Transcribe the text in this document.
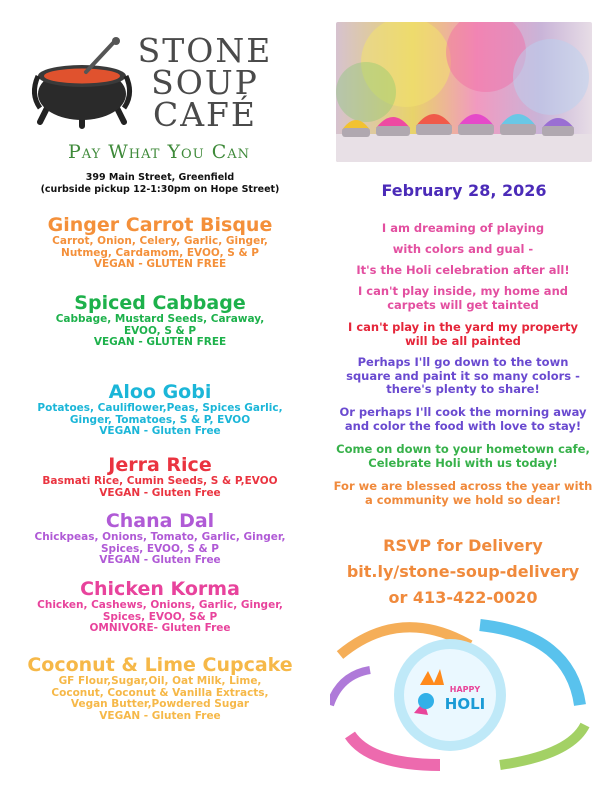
STONE
SOUP
CAFÉ
Pay What You Can
399 Main Street, Greenfield
(curbside pickup 12-1:30pm on Hope Street)
Ginger Carrot Bisque
Carrot, Onion, Celery, Garlic, Ginger,
Nutmeg, Cardamom, EVOO, S & P
VEGAN - GLUTEN FREE
Spiced Cabbage
Cabbage, Mustard Seeds, Caraway,
EVOO, S & P
VEGAN - GLUTEN FREE
Aloo Gobi
Potatoes, Cauliflower,Peas, Spices Garlic,
Ginger, Tomatoes, S & P, EVOO
VEGAN - Gluten Free
Jerra Rice
Basmati Rice, Cumin Seeds, S & P,EVOO
VEGAN - Gluten Free
Chana Dal
Chickpeas, Onions, Tomato, Garlic, Ginger,
Spices, EVOO, S & P
VEGAN - Gluten Free
Chicken Korma
Chicken, Cashews, Onions, Garlic, Ginger,
Spices, EVOO, S& P
OMNIVORE- Gluten Free
Coconut & Lime Cupcake
GF Flour,Sugar,Oil, Oat Milk, Lime,
Coconut, Coconut & Vanilla Extracts,
Vegan Butter,Powdered Sugar
VEGAN - Gluten Free
February 28, 2026
I am dreaming of playing
with colors and gual -
It's the Holi celebration after all!
I can't play inside, my home and
carpets will get tainted
I can't play in the yard my property
will be all painted
Perhaps I'll go down to the town
square and paint it so many colors -
there's plenty to share!
Or perhaps I'll cook the morning away
and color the food with love to stay!
Come on down to your hometown cafe,
Celebrate Holi with us today!
For we are blessed across the year with
a community we hold so dear!
RSVP for Delivery
bit.ly/stone-soup-delivery
or 413-422-0020
HAPPY
HOLI
